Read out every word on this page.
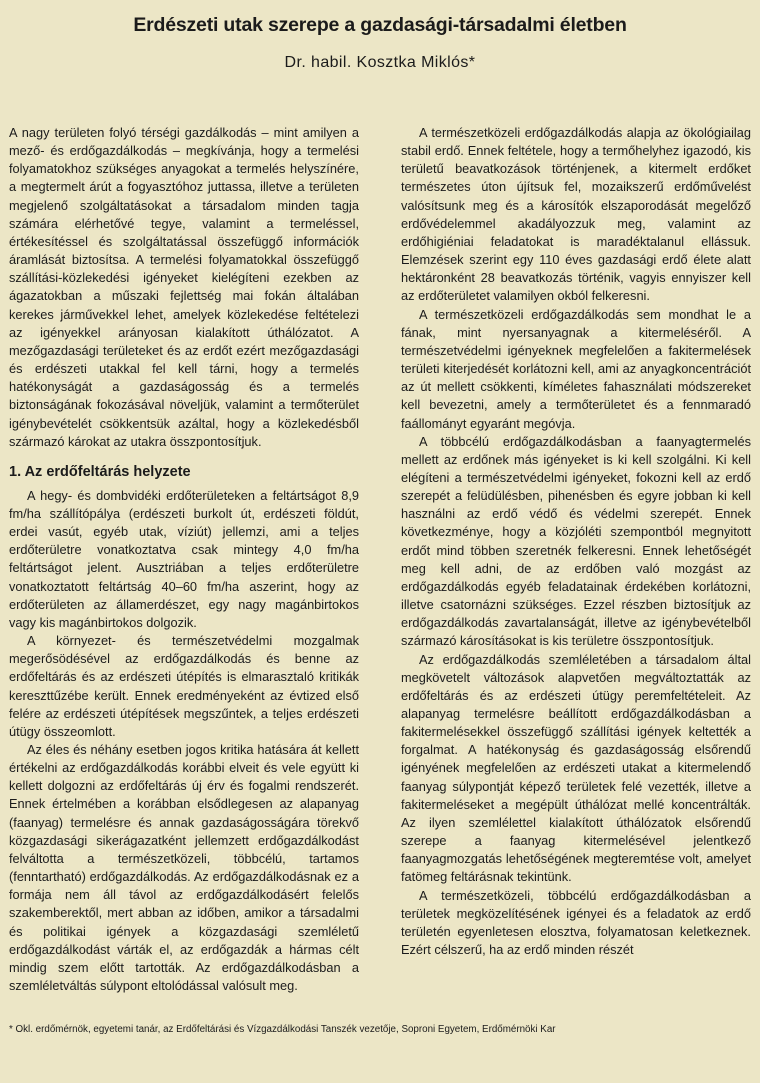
Erdészeti utak szerepe a gazdasági-társadalmi életben
Dr. habil. Kosztka Miklós*

A nagy területen folyó térségi gazdálkodás – mint amilyen a mező- és erdőgazdálkodás – megkívánja, hogy a termelési folyamatokhoz szükséges anyagokat a termelés helyszínére, a megtermelt árút a fogyasztóhoz juttassa, illetve a területen megjelenő szolgáltatásokat a társadalom minden tagja számára elérhetővé tegye, valamint a termeléssel, értékesítéssel és szolgáltatással összefüggő információk áramlását biztosítsa. A termelési folyamatokkal összefüggő szállítási-közlekedési igényeket kielégíteni ezekben az ágazatokban a műszaki fejlettség mai fokán általában kerekes járművekkel lehet, amelyek közlekedése feltételezi az igényekkel arányosan kialakított úthálózatot. A mezőgazdasági területeket és az erdőt ezért mezőgazdasági és erdészeti utakkal fel kell tárni, hogy a termelés hatékonyságát a gazdaságosság és a termelés biztonságának fokozásával növeljük, valamint a termőterület igénybevételét csökkentsük azáltal, hogy a közlekedésből származó károkat az utakra összpontosítjuk.

1. Az erdőfeltárás helyzete

A hegy- és dombvidéki erdőterületeken a feltártságot 8,9 fm/ha szállítópálya (erdészeti burkolt út, erdészeti földút, erdei vasút, egyéb utak, víziút) jellemzi, ami a teljes erdőterületre vonatkoztatva csak mintegy 4,0 fm/ha feltártságot jelent. Ausztriában a teljes erdőterületre vonatkoztatott feltártság 40–60 fm/ha aszerint, hogy az erdőterületen az államerdészet, egy nagy magánbirtokos vagy kis magánbirtokos dolgozik.

A környezet- és természetvédelmi mozgalmak megerősödésével az erdőgazdálkodás és benne az erdőfeltárás és az erdészeti útépítés is elmarasztaló kritikák kereszttűzébe került. Ennek eredményeként az évtized első felére az erdészeti útépítések megszűntek, a teljes erdészeti útügy összeomlott.

Az éles és néhány esetben jogos kritika hatására át kellett értékelni az erdőgazdálkodás korábbi elveit és vele együtt ki kellett dolgozni az erdőfeltárás új érv és fogalmi rendszerét. Ennek értelmében a korábban elsődlegesen az alapanyag (faanyag) termelésre és annak gazdaságosságára törekvő közgazdasági sikerágazatként jellemzett erdőgazdálkodást felváltotta a természetközeli, többcélú, tartamos (fenntartható) erdőgazdálkodás. Az erdőgazdálkodásnak ez a formája nem áll távol az erdőgazdálkodásért felelős szakemberektől, mert abban az időben, amikor a társadalmi és politikai igények a közgazdasági szemléletű erdőgazdálkodást várták el, az erdőgazdák a hármas célt mindig szem előtt tartották. Az erdőgazdálkodásban a szemléletváltás súlypont eltolódással valósult meg.

A természetközeli erdőgazdálkodás alapja az ökológiailag stabil erdő. Ennek feltétele, hogy a termőhelyhez igazodó, kis területű beavatkozások történjenek, a kitermelt erdőket természetes úton újítsuk fel, mozaikszerű erdőművelést valósítsunk meg és a károsítók elszaporodását megelőző erdővédelemmel akadályozzuk meg, valamint az erdőhigiéniai feladatokat is maradéktalanul ellássuk. Elemzések szerint egy 110 éves gazdasági erdő élete alatt hektáronként 28 beavatkozás történik, vagyis ennyiszer kell az erdőterületet valamilyen okból felkeresni.

A természetközeli erdőgazdálkodás sem mondhat le a fának, mint nyersanyagnak a kitermeléséről. A természetvédelmi igényeknek megfelelően a fakitermelések területi kiterjedését korlátozni kell, ami az anyagkoncentrációt az út mellett csökkenti, kíméletes fahasználati módszereket kell bevezetni, amely a termőterületet és a fennmaradó faállományt egyaránt megóvja.

A többcélú erdőgazdálkodásban a faanyagtermelés mellett az erdőnek más igényeket is ki kell szolgálni. Ki kell elégíteni a természetvédelmi igényeket, fokozni kell az erdő szerepét a felüdülésben, pihenésben és egyre jobban ki kell használni az erdő védő és védelmi szerepét. Ennek következménye, hogy a közjóléti szempontból megnyitott erdőt mind többen szeretnék felkeresni. Ennek lehetőségét meg kell adni, de az erdőben való mozgást az erdőgazdálkodás egyéb feladatainak érdekében korlátozni, illetve csatornázni szükséges. Ezzel részben biztosítjuk az erdőgazdálkodás zavartalanságát, illetve az igénybevételből származó károsításokat is kis területre összpontosítjuk.

Az erdőgazdálkodás szemléletében a társadalom által megkövetelt változások alapvetően megváltoztatták az erdőfeltárás és az erdészeti útügy peremfeltételeit. Az alapanyag termelésre beállított erdőgazdálkodásban a fakitermelésekkel összefüggő szállítási igények keltették a forgalmat. A hatékonyság és gazdaságosság elsőrendű igényének megfelelően az erdészeti utakat a kitermelendő faanyag súlypontját képező területek felé vezették, illetve a fakitermeléseket a megépült úthálózat mellé koncentrálták. Az ilyen szemlélettel kialakított úthálózatok elsőrendű szerepe a faanyag kitermelésével jelentkező faanyagmozgatás lehetőségének megteremtése volt, amelyet fatömeg feltárásnak tekintünk.

A természetközeli, többcélú erdőgazdálkodásban a területek megközelítésének igényei és a feladatok az erdő területén egyenletesen elosztva, folyamatosan keletkeznek. Ezért célszerű, ha az erdő minden részét

* Okl. erdőmérnök, egyetemi tanár, az Erdőfeltárási és Vízgazdálkodási Tanszék vezetője, Soproni Egyetem, Erdőmérnöki Kar
